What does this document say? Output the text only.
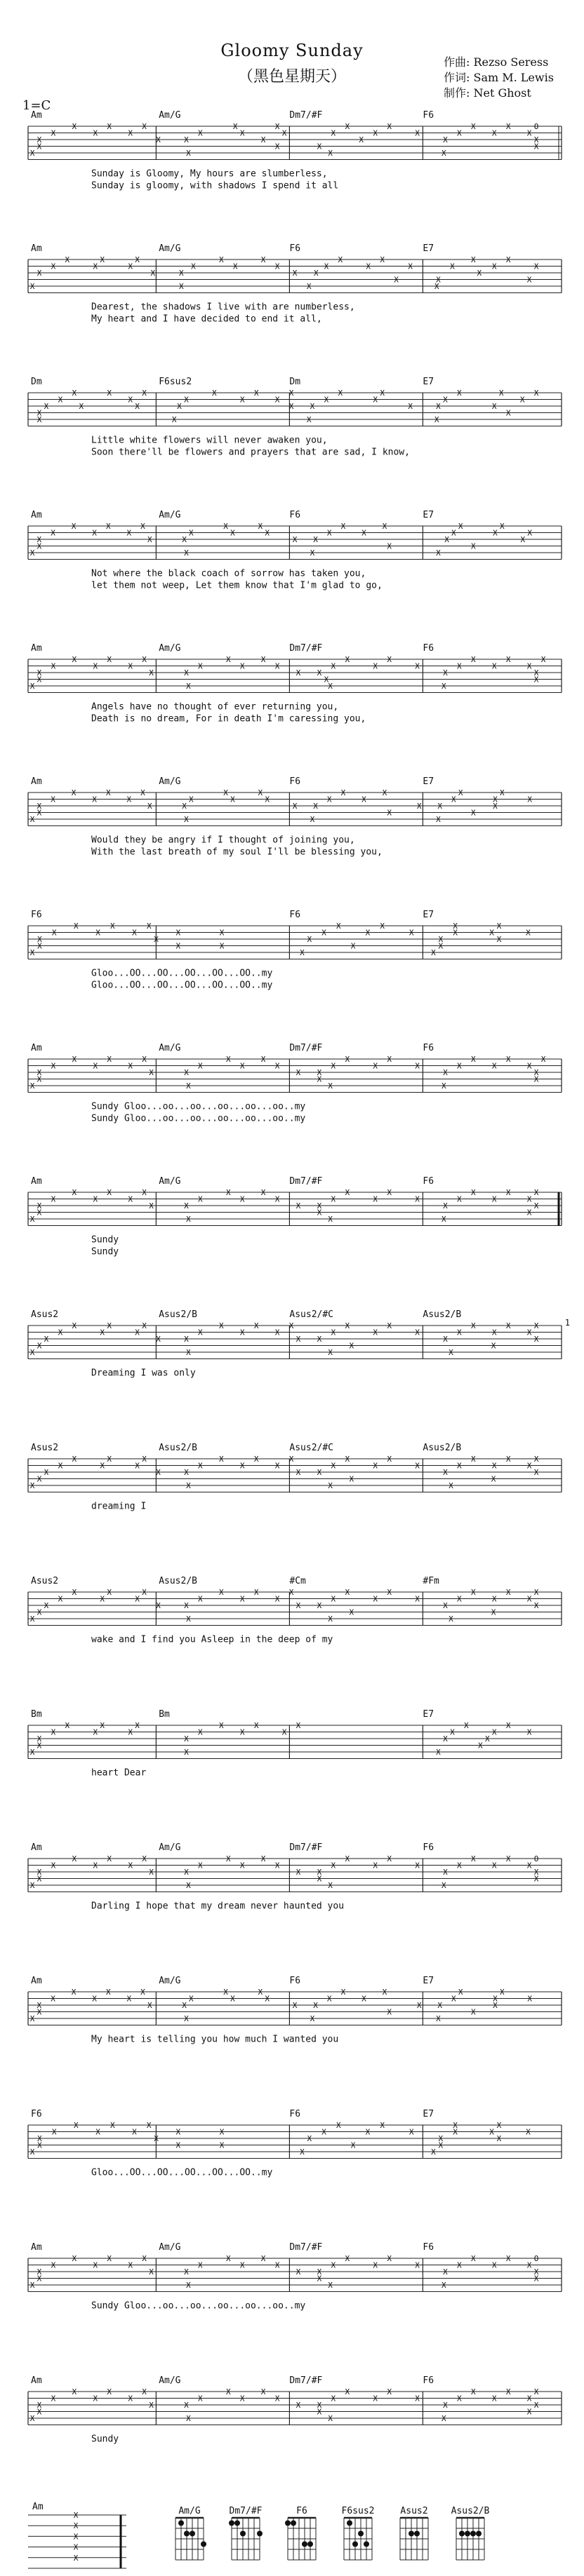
Gloomy Sunday
（黑色星期天）
1=C
作曲: Rezso Seress
作词: Sam M. Lewis
制作: Net Ghost
Am	Am/G	Dm7/#F	F6
X	X	X	X	X	X	X	X	X	O
X	X	X	X	X	X	X	X	X	X	X	X
X	X	X	X	X	X	X
X	X	X	X
X	X	X	X
Sunday is Gloomy, My hours are slumberless,
Sunday is gloomy, with shadows I spend it all
Am	Am/G	F6	E7
X	X	X	X	X	X	X	X	X
X	X	X	X	X	X	X	X	X	X	X	X
X	X	X	X X	X
X	X	X
X	X	X	X
Dearest, the shadows I live with are numberless,
My heart and I have decided to end it all,
Dm	F6sus2	Dm	E7
X	X	X	X	X	X	X	X	X	X	X
X	X	X	X	X	X	X	X	X
X	X	X	X	X X	X	X	X
X	X
X	X	X	X
Little white flowers will never awaken you,
Soon there'll be flowers and prayers that are sad, I know,
Am	Am/G	F6	E7
X	X	X	X	X	X	X	X	X
X	X	X	X	X	X	X	X	X	X	X
X	X	X	X X	X	X
X	X	X
X	X	X	X
Not where the black coach of sorrow has taken you,
let them not weep, Let them know that I'm glad to go,
Am	Am/G	Dm7/#F	F6
X	X	X	X	X	X	X	X	X	X
X	X	X	X	X	X	X	X	X	X	X	X
X	X	X	X X	X	X
X	X	X
X	X	X	X
Angels have no thought of ever returning you,
Death is no dream, For in death I'm caressing you,
Am	Am/G	F6	E7
X	X	X	X	X	X	X	X	X
X	X	X	X	X	X	X	X	X	X	X
X	X	X	X X	X X	X
X	X	X
X	X	X	X
Would they be angry if I thought of joining you,
With the last breath of my soul I'll be blessing you,
F6	F6	E7
X	X	X	X	X	X	X
X	X	X	X	X	X	X	X	X	X	X
X	X	X	X	X
X	X	X	X	X
X	X	X
Gloo...OO...OO...OO...OO...OO..my
Gloo...OO...OO...OO...OO...OO..my
Am	Am/G	Dm7/#F	F6
X	X	X	X	X	X	X	X	X	X
X	X	X	X	X	X	X	X	X	X	X	X
X	X	X	X X	X	X
X	X	X
X	X	X	X
Sundy Gloo...oo...oo...oo...oo...oo..my
Sundy Gloo...oo...oo...oo...oo...oo..my
Am	Am/G	Dm7/#F	F6
X	X	X	X	X	X	X	X	X	X
X	X	X	X	X	X	X	X	X	X	X	X
X	X	X	X X	X	X
X	X	X
X	X	X	X
Sundy
Sundy
Asus2	Asus2/B	Asus2/#C	Asus2/B
X	X	X	X	X	X	X	X	X	X	X
X	X	X	X	X	X	X	X	X	X	X	X
X	X	X	X X	X	X
X	X	X
X	X	X	X
Dreaming I was only
Asus2	Asus2/B	Asus2/#C	Asus2/B
X	X	X	X	X	X	X	X	X	X	X
X	X	X	X	X	X	X	X	X	X	X	X
X	X	X	X X	X	X
X	X	X
X	X	X	X
dreaming I
Asus2	Asus2/B	#Cm	#Fm
X	X	X	X	X	X	X	X	X	X	X
X	X	X	X	X	X	X	X	X	X	X	X
X	X	X	X X	X	X
X	X	X
X	X	X	X
wake and I find you Asleep in the deep of my
Bm	Bm	E7
X	X	X	X	X	X	X	X
X	X	X	X	X	X	X	X	X
X	X	X	X
X	X
X	X	X
heart Dear
Am	Am/G	Dm7/#F	F6
X	X	X	X	X	X	X	X	X	O
X	X	X	X	X	X	X	X	X	X	X	X
X	X	X	X X	X	X
X	X	X
X	X	X	X
Darling I hope that my dream never haunted you
Am	Am/G	F6	E7
X	X	X	X	X	X	X	X	X
X	X	X	X	X	X	X	X	X	X	X
X	X	X	X X	X X	X
X	X	X
X	X	X	X
My heart is telling you how much I wanted you
F6	F6	E7
X	X	X	X	X	X	X
X	X	X	X	X	X	X	X	X	X	X
X	X	X	X	X
X	X	X	X	X
X	X	X
Gloo...OO...OO...OO...OO...OO..my
Am	Am/G	Dm7/#F	F6
X	X	X	X	X	X	X	X	X	O
X	X	X	X	X	X	X	X	X	X	X	X
X	X	X	X X	X	X
X	X	X
X	X	X	X
Sundy Gloo...oo...oo...oo...oo...oo..my
Am	Am/G	Dm7/#F	F6
X	X	X	X	X	X	X	X	X	X
X	X	X	X	X	X	X	X	X	X	X	X
X	X	X	X X	X	X
X	X	X
X	X	X	X
Sundy
1
Am
X
X
X
X
X
Am/G	Dm7/#F	F6	F6sus2	Asus2	Asus2/B
